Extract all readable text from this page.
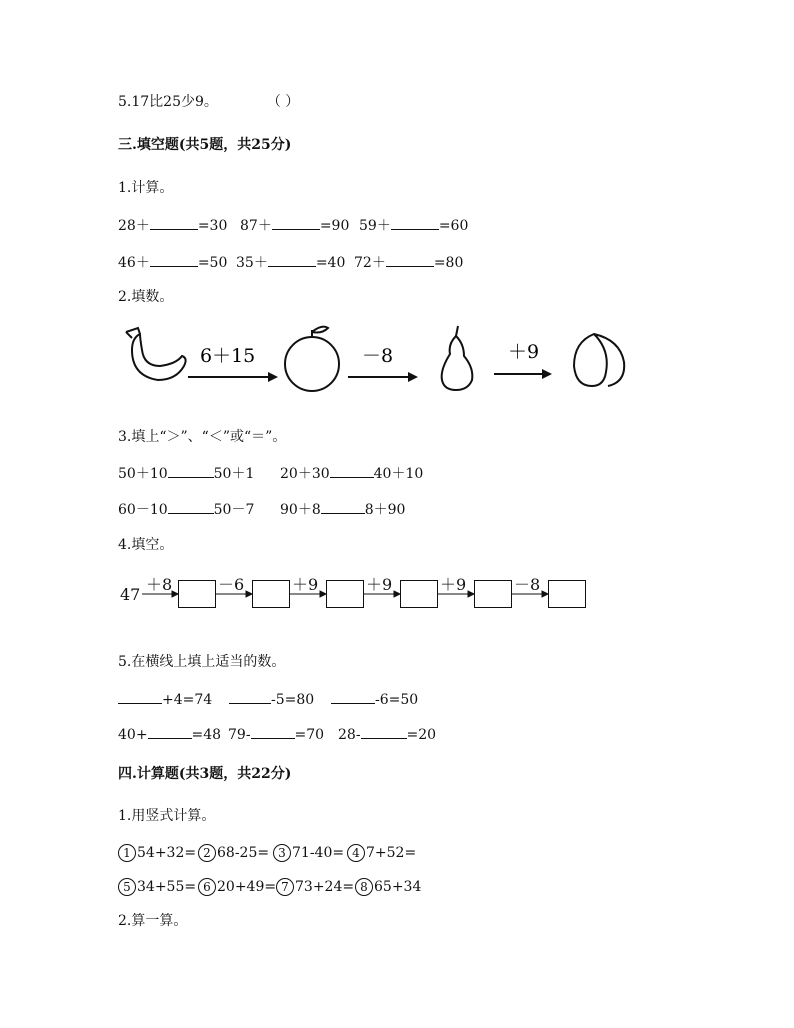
5.17比25少9。	（ ）
三.填空题(共5题，共25分)
1.计算。
28＋	=30 87＋	=90 59＋	=60
46＋	=50 35＋	=40 72＋	=80
2.填数。
6＋15	－8	＋9
3.填上“＞”、“＜”或“＝”。
50＋10	50＋1 20＋30	40＋10
60－10	50－7 90＋8	8＋90
4.填空。
47
＋8	－6	＋9	＋9	＋9	－8
5.在横线上填上适当的数。
+4=74	-5=80	-6=50
40+	=48 79-	=70 28-	=20
四.计算题(共3题，共22分)
1.用竖式计算。
1 54+32= 2 68-25= 3 71-40= 4 7+52=
5 34+55= 6 20+49= 7 73+24= 8 65+34
2.算一算。
